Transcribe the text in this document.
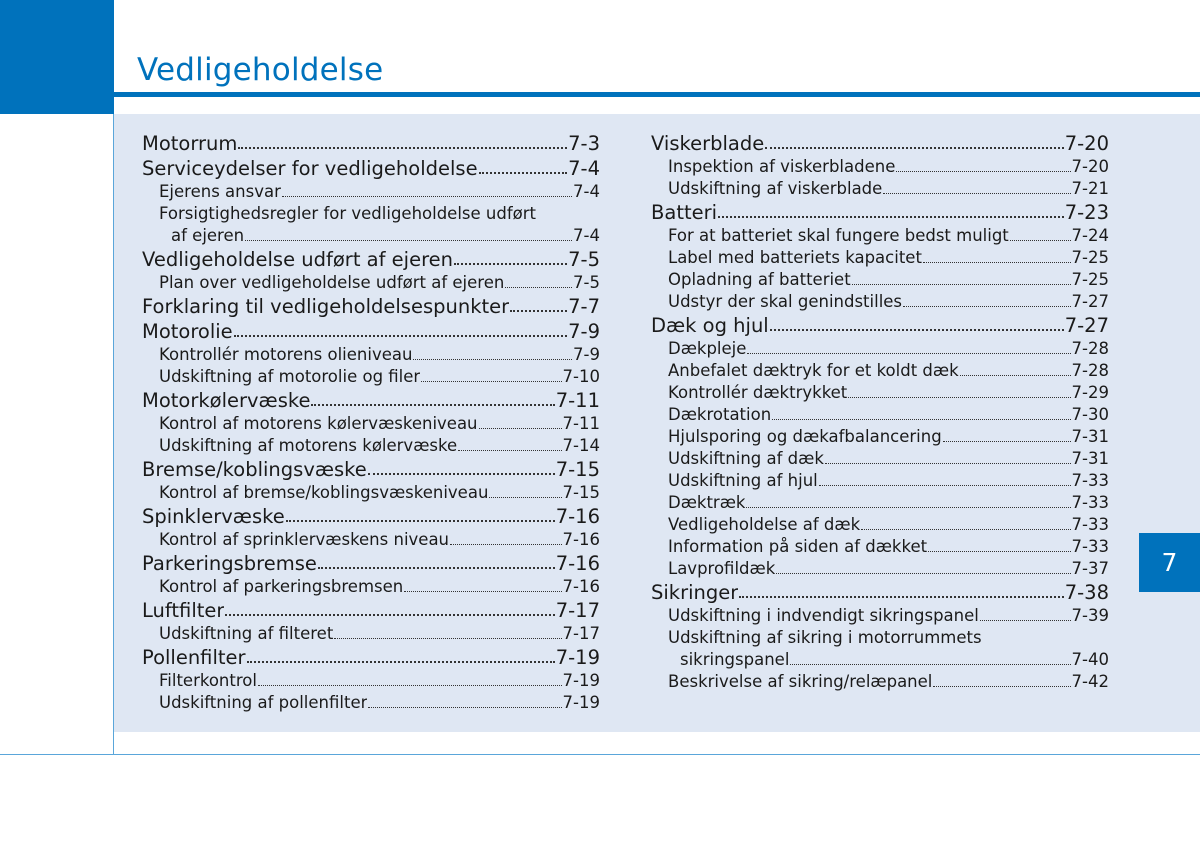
Vedligeholdelse
Motorrum	7-3
Serviceydelser for vedligeholdelse	7-4
Ejerens ansvar	7-4
Forsigtighedsregler for vedligeholdelse udført
af ejeren	7-4
Vedligeholdelse udført af ejeren	7-5
Plan over vedligeholdelse udført af ejeren	7-5
Forklaring til vedligeholdelsespunkter	7-7
Motorolie	7-9
Kontrollér motorens olieniveau	7-9
Udskiftning af motorolie og filer	7-10
Motorkølervæske	7-11
Kontrol af motorens kølervæskeniveau	7-11
Udskiftning af motorens kølervæske	7-14
Bremse/koblingsvæske	7-15
Kontrol af bremse/koblingsvæskeniveau	7-15
Spinklervæske	7-16
Kontrol af sprinklervæskens niveau	7-16
Parkeringsbremse	7-16
Kontrol af parkeringsbremsen	7-16
Luftfilter	7-17
Udskiftning af filteret	7-17
Pollenfilter	7-19
Filterkontrol	7-19
Udskiftning af pollenfilter	7-19
Viskerblade	7-20
Inspektion af viskerbladene	7-20
Udskiftning af viskerblade	7-21
Batteri	7-23
For at batteriet skal fungere bedst muligt	7-24
Label med batteriets kapacitet	7-25
Opladning af batteriet	7-25
Udstyr der skal genindstilles	7-27
Dæk og hjul	7-27
Dækpleje	7-28
Anbefalet dæktryk for et koldt dæk	7-28
Kontrollér dæktrykket	7-29
Dækrotation	7-30
Hjulsporing og dækafbalancering	7-31
Udskiftning af dæk	7-31
Udskiftning af hjul	7-33
Dæktræk	7-33
Vedligeholdelse af dæk	7-33
Information på siden af dækket	7-33
Lavprofildæk	7-37
Sikringer	7-38
Udskiftning i indvendigt sikringspanel	7-39
Udskiftning af sikring i motorrummets
sikringspanel	7-40
Beskrivelse af sikring/relæpanel	7-42
7
